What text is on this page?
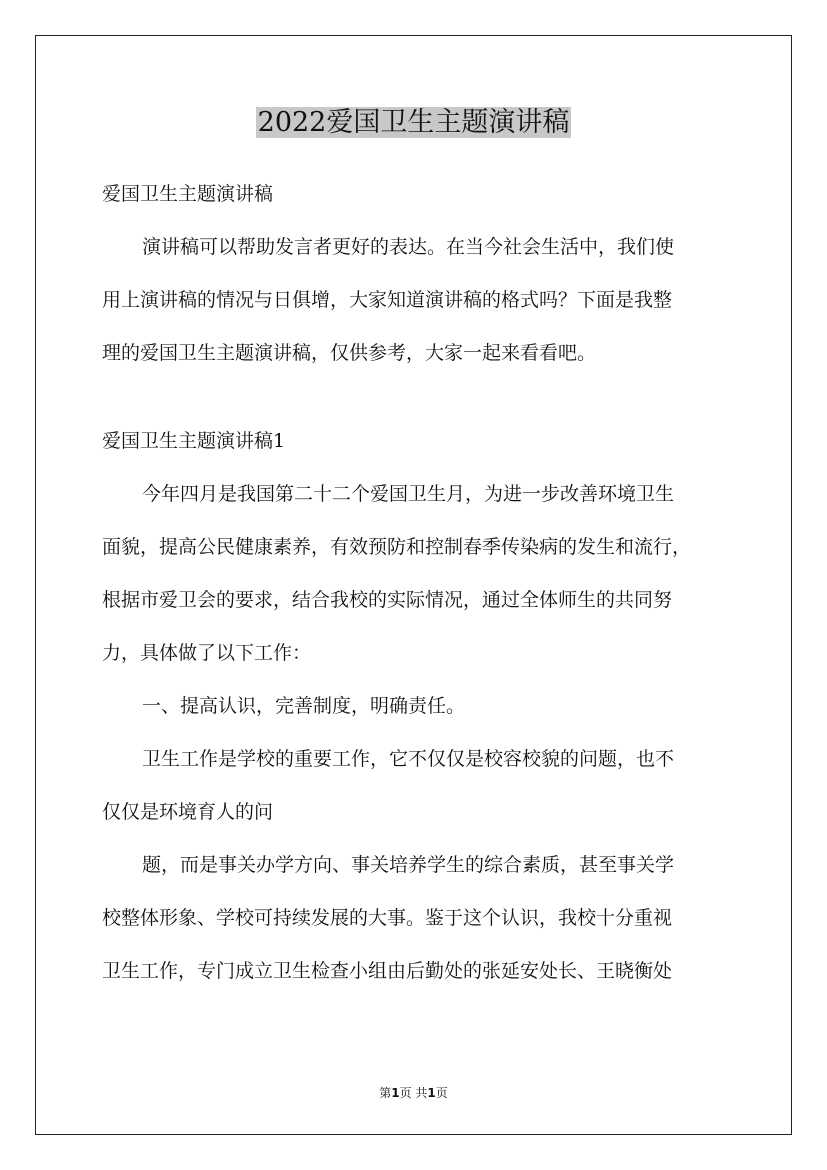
2022爱国卫生主题演讲稿
爱国卫生主题演讲稿
演讲稿可以帮助发言者更好的表达。在当今社会生活中，我们使
用上演讲稿的情况与日俱增，大家知道演讲稿的格式吗？下面是我整
理的爱国卫生主题演讲稿，仅供参考，大家一起来看看吧。
爱国卫生主题演讲稿1
今年四月是我国第二十二个爱国卫生月，为进一步改善环境卫生
面貌，提高公民健康素养，有效预防和控制春季传染病的发生和流行，
根据市爱卫会的要求，结合我校的实际情况，通过全体师生的共同努
力，具体做了以下工作：
一、提高认识，完善制度，明确责任。
卫生工作是学校的重要工作，它不仅仅是校容校貌的问题，也不
仅仅是环境育人的问
题，而是事关办学方向、事关培养学生的综合素质，甚至事关学
校整体形象、学校可持续发展的大事。鉴于这个认识，我校十分重视
卫生工作，专门成立卫生检查小组由后勤处的张延安处长、王晓衡处
第1页 共1页
